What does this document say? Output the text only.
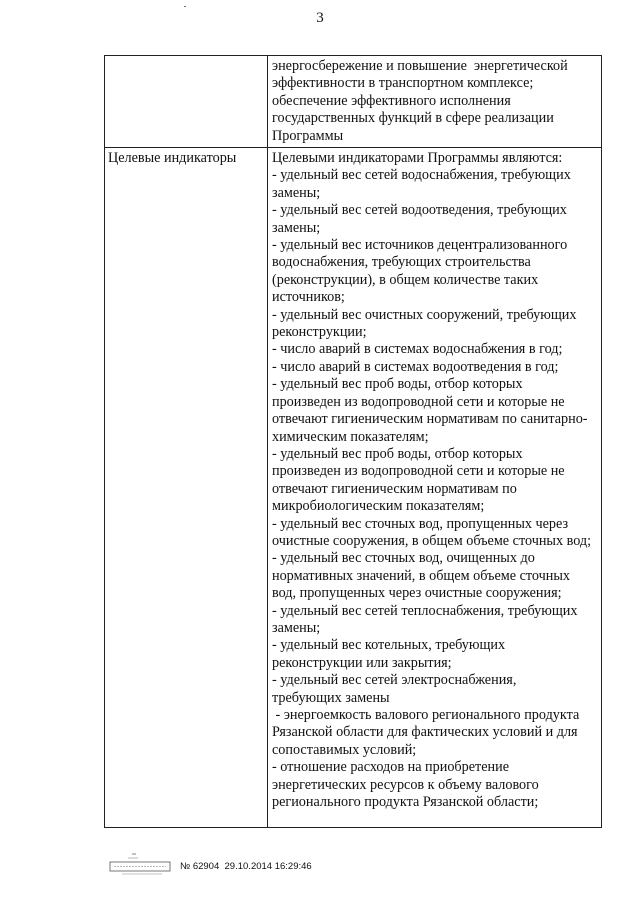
3
энергосбережение и повышение  энергетической
эффективности в транспортном комплексе;
обеспечение эффективного исполнения
государственных функций в сфере реализации
Программы
Целевые индикаторы	Целевыми индикаторами Программы являются:
- удельный вес сетей водоснабжения, требующих
замены;
- удельный вес сетей водоотведения, требующих
замены;
- удельный вес источников децентрализованного
водоснабжения, требующих строительства
(реконструкции), в общем количестве таких
источников;
- удельный вес очистных сооружений, требующих
реконструкции;
- число аварий в системах водоснабжения в год;
- число аварий в системах водоотведения в год;
- удельный вес проб воды, отбор которых
произведен из водопроводной сети и которые не
отвечают гигиеническим нормативам по санитарно-
химическим показателям;
- удельный вес проб воды, отбор которых
произведен из водопроводной сети и которые не
отвечают гигиеническим нормативам по
микробиологическим показателям;
- удельный вес сточных вод, пропущенных через
очистные сооружения, в общем объеме сточных вод;
- удельный вес сточных вод, очищенных до
нормативных значений, в общем объеме сточных
вод, пропущенных через очистные сооружения;
- удельный вес сетей теплоснабжения, требующих
замены;
- удельный вес котельных, требующих
реконструкции или закрытия;
- удельный вес сетей электроснабжения,
требующих замены
- энергоемкость валового регионального продукта
Рязанской области для фактических условий и для
сопоставимых условий;
- отношение расходов на приобретение
энергетических ресурсов к объему валового
регионального продукта Рязанской области;
№ 62904  29.10.2014 16:29:46
